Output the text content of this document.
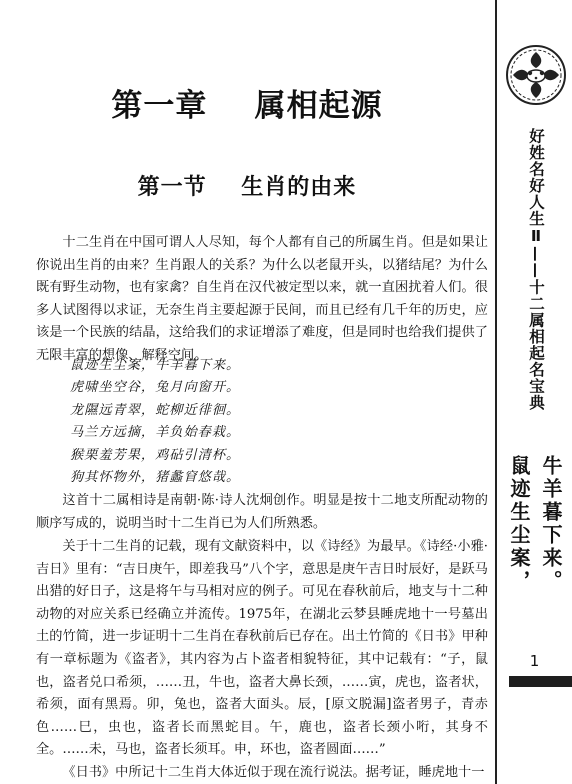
第一章    属相起源
第一节    生肖的由来

十二生肖在中国可谓人人尽知，每个人都有自己的所属生肖。但是如果让你说出生肖的由来？生肖跟人的关系？为什么以老鼠开头，以猪结尾？为什么既有野生动物，也有家禽？自生肖在汉代被定型以来，就一直困扰着人们。很多人试图得以求证，无奈生肖主要起源于民间，而且已经有几千年的历史，应该是一个民族的结晶，这给我们的求证增添了难度，但是同时也给我们提供了无限丰富的想像、解释空间。

鼠迹生尘案，牛羊暮下来。
虎啸坐空谷，兔月向窗开。
龙隰远青翠，蛇柳近徘徊。
马兰方远摘，羊负始春栽。
猴栗羞芳果，鸡砧引清杯。
狗其怀物外，猪蠡窅悠哉。

这首十二属相诗是南朝·陈·诗人沈炯创作。明显是按十二地支所配动物的顺序写成的，说明当时十二生肖已为人们所熟悉。

关于十二生肖的记载，现有文献资料中，以《诗经》为最早。《诗经·小雅·吉日》里有：“吉日庚午，即差我马”八个字，意思是庚午吉日时辰好，是跃马出猎的好日子，这是将午与马相对应的例子。可见在春秋前后，地支与十二种动物的对应关系已经确立并流传。1975年，在湖北云梦县睡虎地十一号墓出土的竹简，进一步证明十二生肖在春秋前后已存在。出土竹简的《日书》甲种有一章标题为《盗者》，其内容为占卜盗者相貌特征，其中记载有：“子，鼠也，盗者兑口希须，……丑，牛也，盗者大鼻长颈，……寅，虎也，盗者状，希须，面有黑焉。卯，兔也，盗者大面头。辰，[原文脱漏]盗者男子，青赤色……巳，虫也，盗者长而黑蛇目。午，鹿也，盗者长颈小哘，其身不全。……未，马也，盗者长须耳。申，环也，盗者圆面……”

《日书》中所记十二生肖大体近似于现在流行说法。据考证，睡虎地十一

好姓名好人生Ⅱ——十二属相起名宝典
牛羊暮下来。
鼠迹生尘案，
1
